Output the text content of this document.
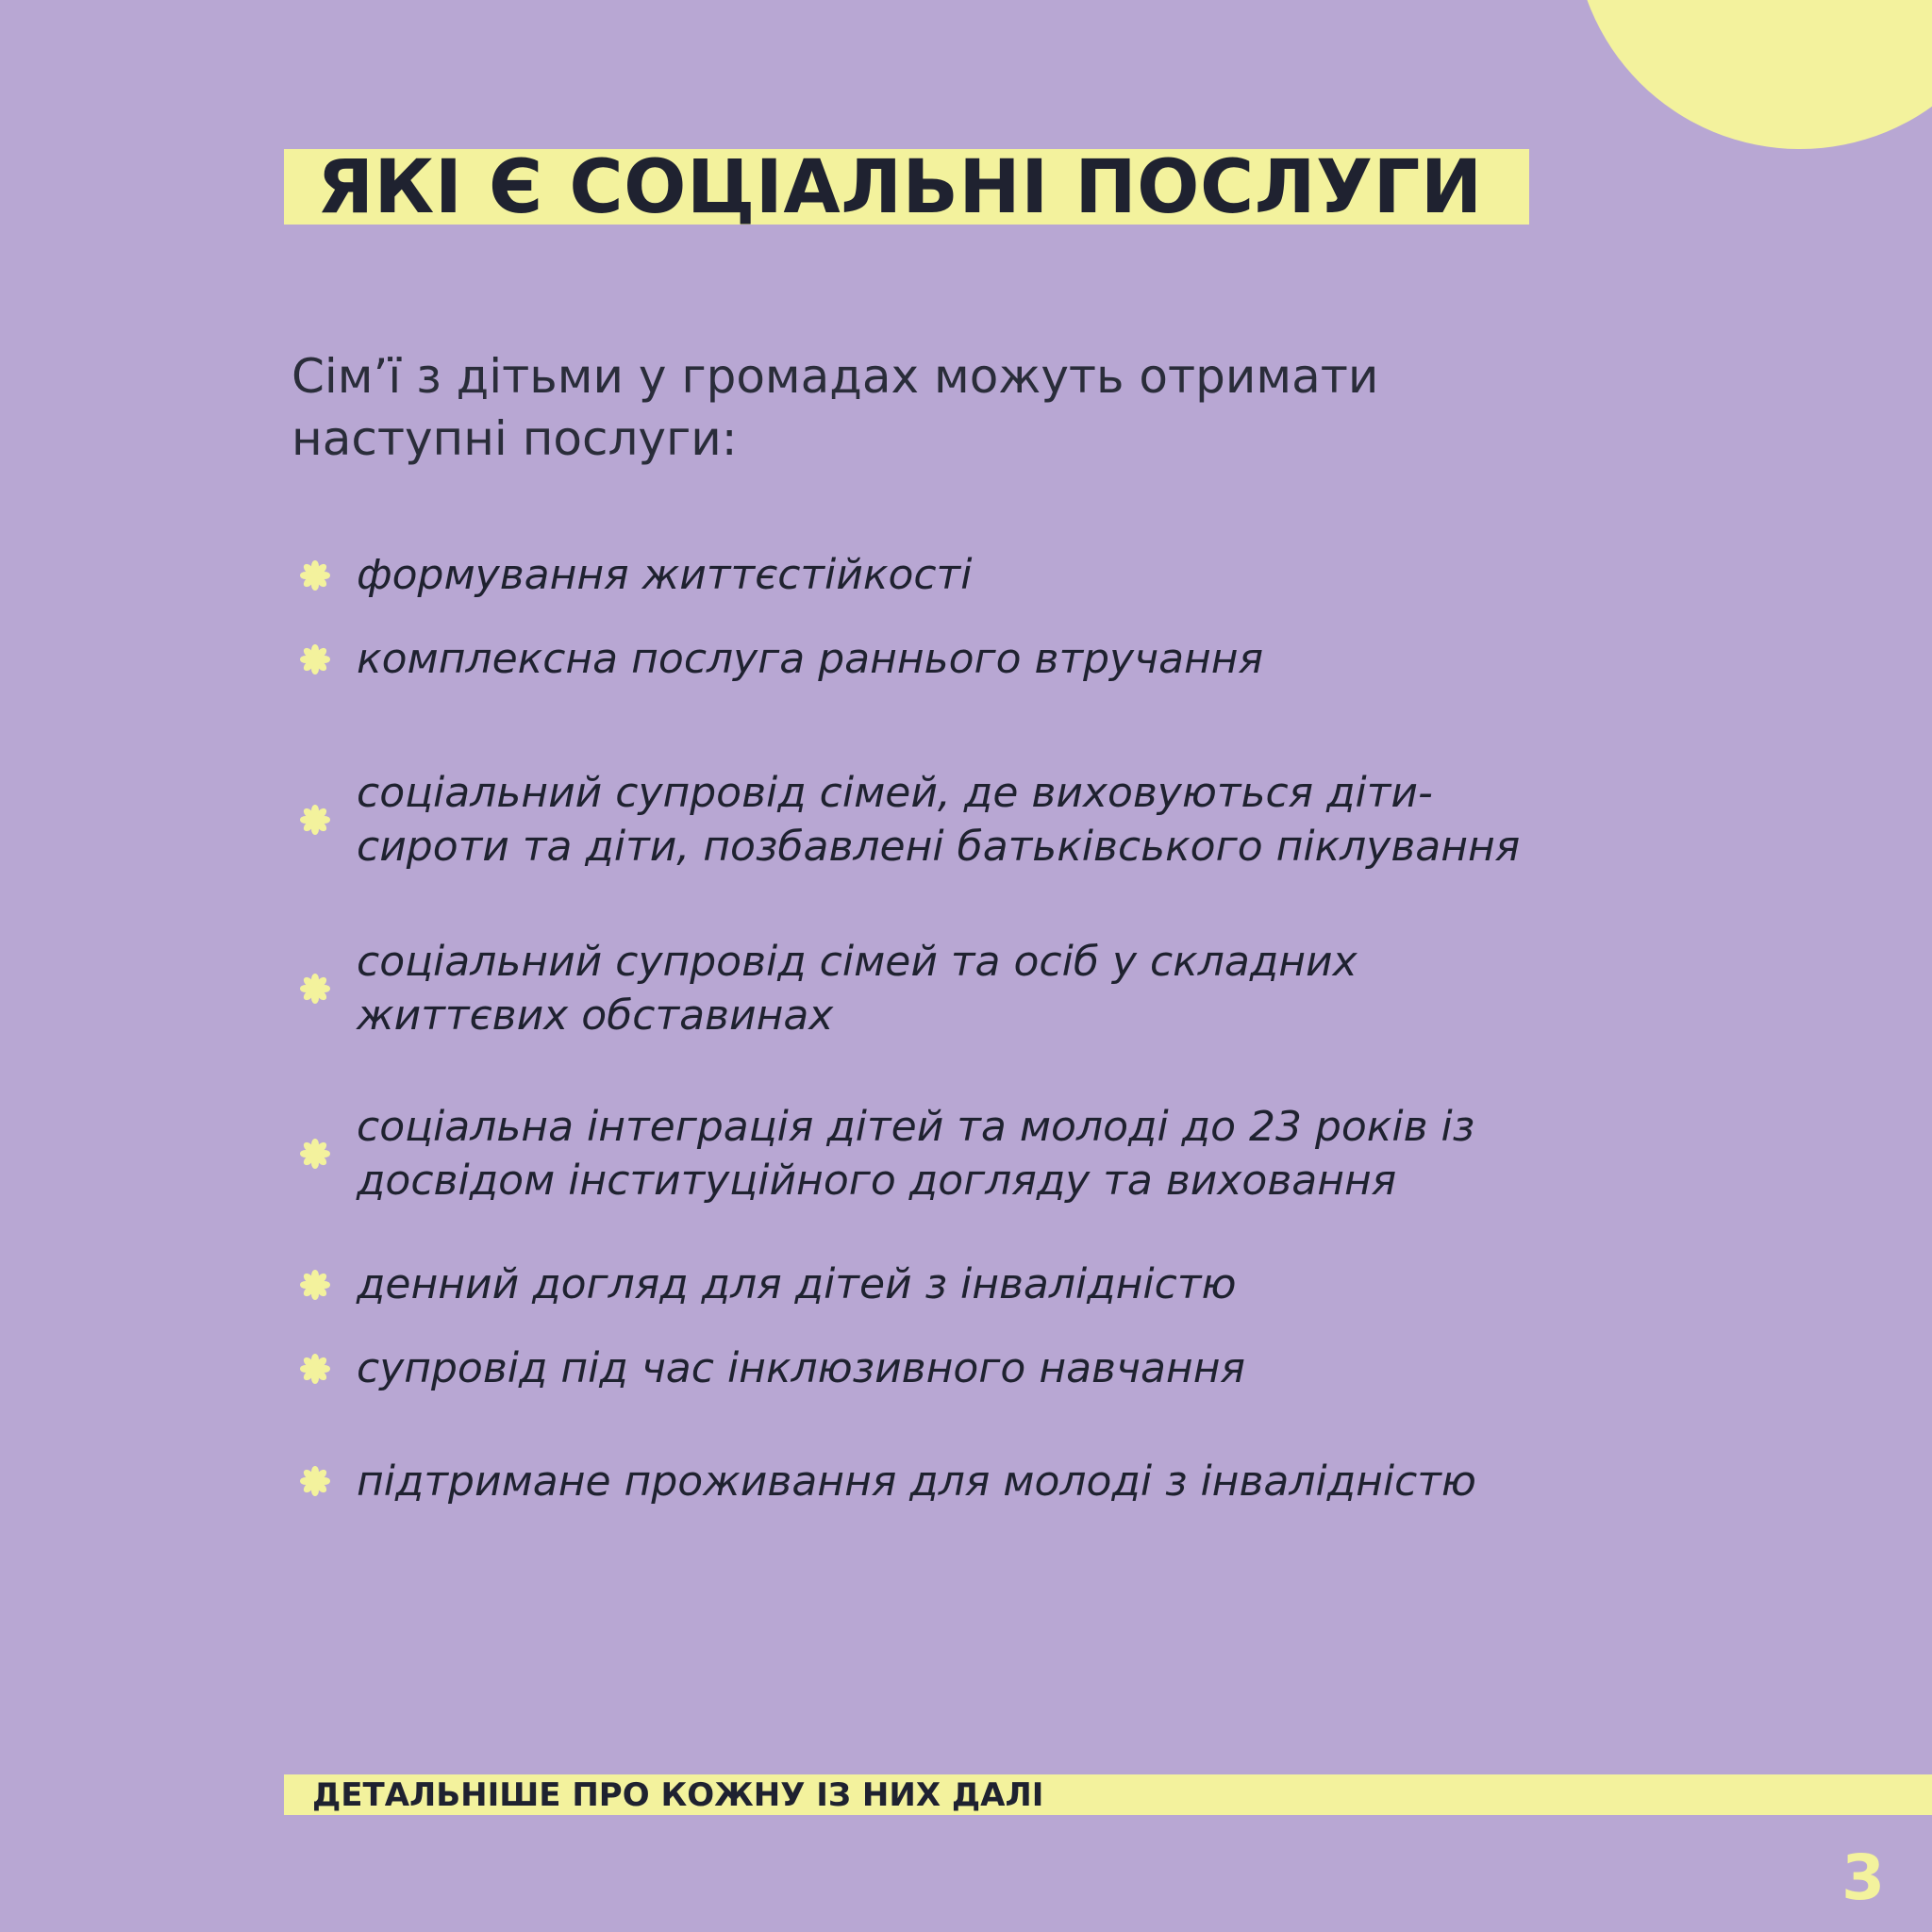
ЯКІ Є СОЦІАЛЬНІ ПОСЛУГИ

Сім’ї з дітьми у громадах можуть отримати наступні послуги:

формування життєстійкості
комплексна послуга раннього втручання
соціальний супровід сімей, де виховуються діти-сироти та діти, позбавлені батьківського піклування
соціальний супровід сімей та осіб у складних життєвих обставинах
соціальна інтеграція дітей та молоді до 23 років із досвідом інституційного догляду та виховання
денний догляд для дітей з інвалідністю
супровід під час інклюзивного навчання
підтримане проживання для молоді з інвалідністю

ДЕТАЛЬНІШЕ ПРО КОЖНУ ІЗ НИХ ДАЛІ

3
